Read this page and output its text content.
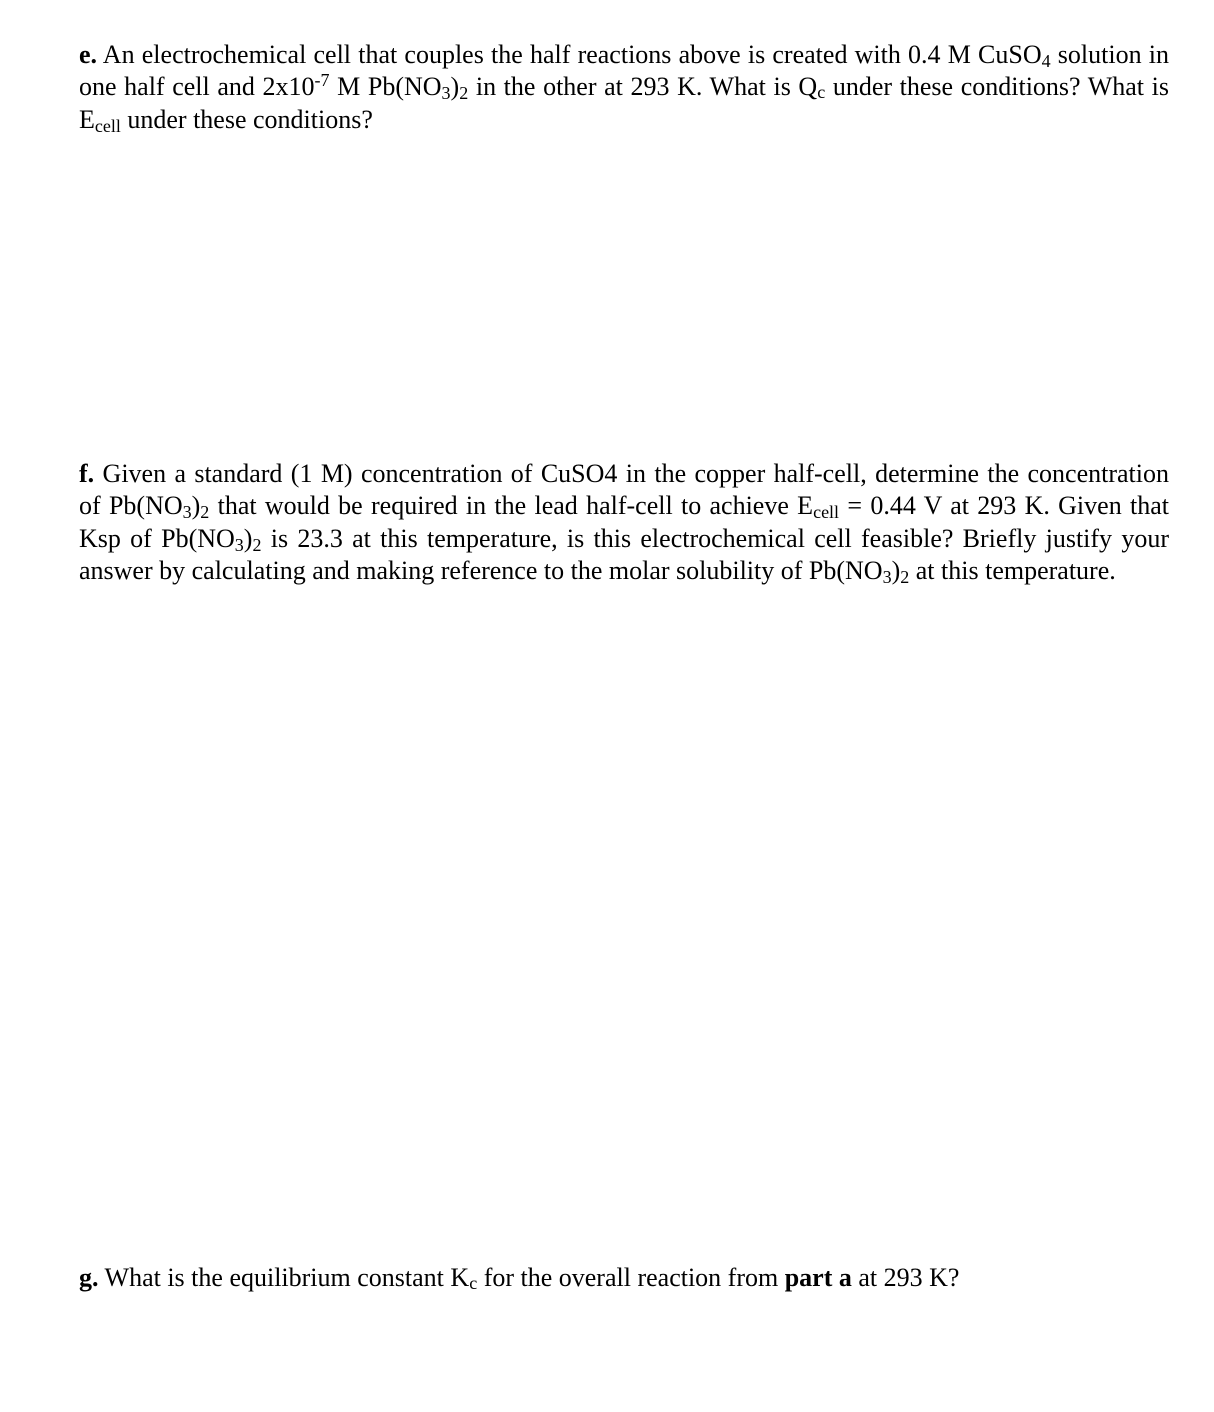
e. An electrochemical cell that couples the half reactions above is created with 0.4 M CuSO$_4$ solution in one half cell and $2x10^{-7}$ M $Pb(NO_3)_2$ in the other at 293 K. What is $Q_c$ under these conditions? What is $E_{cell}$ under these conditions?

f. Given a standard (1 M) concentration of CuSO4 in the copper half-cell, determine the concentration of $Pb(NO_3)_2$ that would be required in the lead half-cell to achieve $E_{cell} = 0.44$ V at 293 K. Given that Ksp of $Pb(NO_3)_2$ is 23.3 at this temperature, is this electrochemical cell feasible? Briefly justify your answer by calculating and making reference to the molar solubility of $Pb(NO_3)_2$ at this temperature.

g. What is the equilibrium constant $K_c$ for the overall reaction from part a at 293 K?
